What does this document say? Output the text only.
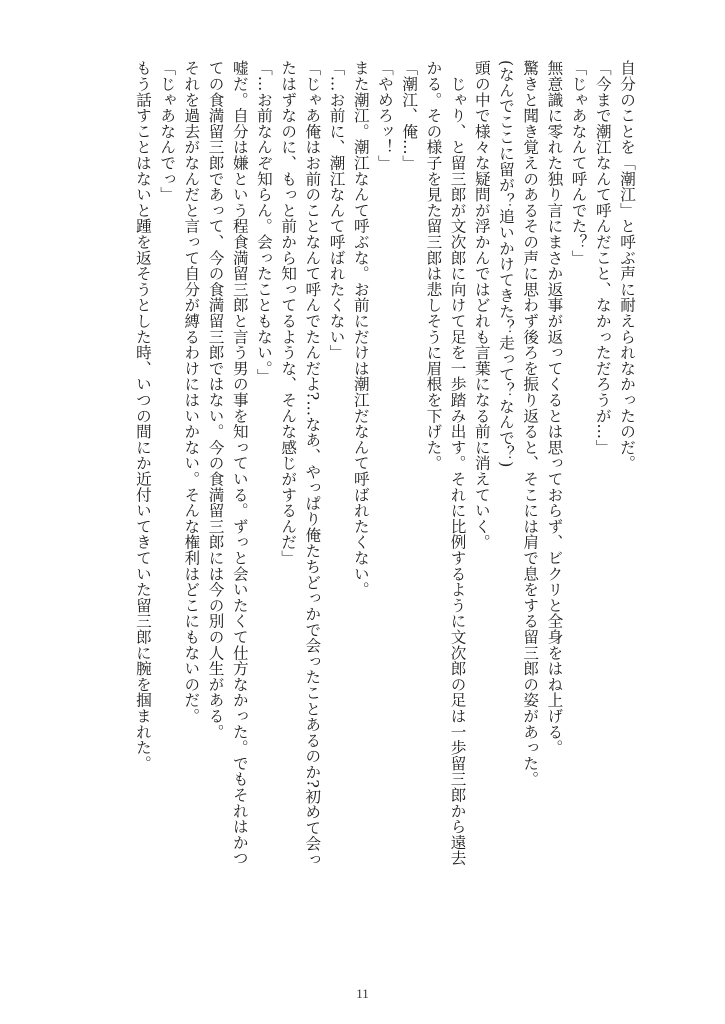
自分のことを「潮江」と呼ぶ声に耐えられなかったのだ。
「今まで潮江なんて呼んだこと、なかっただろうが…」
「じゃあなんて呼んでた？」
無意識に零れた独り言にまさか返事が返ってくるとは思っておらず、ビクリと全身をはね上げる。
驚きと聞き覚えのあるその声に思わず後ろを振り返ると、そこには肩で息をする留三郎の姿があった。
(なんでここに留が？追いかけてきた？走って？なんで？)
頭の中で様々な疑問が浮かんではどれも言葉になる前に消えていく。
　じゃり、と留三郎が文次郎に向けて足を一歩踏み出す。それに比例するように文次郎の足は一歩留三郎から遠去
かる。その様子を見た留三郎は悲しそうに眉根を下げた。
「潮江、俺…」
「やめろッ！」
また潮江。潮江なんて呼ぶな。お前にだけは潮江だなんて呼ばれたくない。
「…お前に、潮江なんて呼ばれたくない」
「じゃあ俺はお前のことなんて呼んでたんだよ?…なあ、やっぱり俺たちどっかで会ったことあるのか?初めて会っ
たはずなのに、もっと前から知ってるような、そんな感じがするんだ」
「…お前なんぞ知らん。会ったこともない。」
嘘だ。自分は嫌という程食満留三郎と言う男の事を知っている。ずっと会いたくて仕方なかった。でもそれはかつ
ての食満留三郎であって、今の食満留三郎ではない。今の食満留三郎には今の別の人生がある。
それを過去がなんだと言って自分が縛るわけにはいかない。そんな権利はどこにもないのだ。
「じゃあなんでっ」
もう話すことはないと踵を返そうとした時、いつの間にか近付いてきていた留三郎に腕を掴まれた。
11
